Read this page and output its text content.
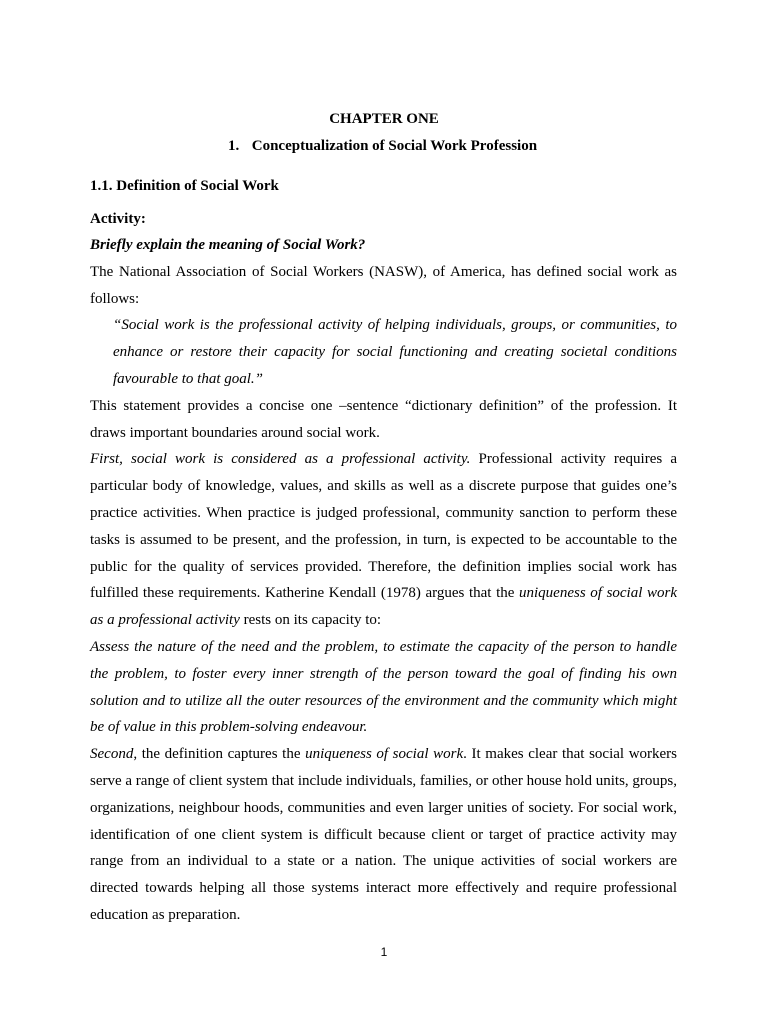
CHAPTER ONE
1. Conceptualization of Social Work Profession
1.1. Definition of Social Work
Activity:

Briefly explain the meaning of Social Work?

The National Association of Social Workers (NASW), of America, has defined social work as follows:

“Social work is the professional activity of helping individuals, groups, or communities, to enhance or restore their capacity for social functioning and creating societal conditions favourable to that goal.”

This statement provides a concise one –sentence “dictionary definition” of the profession. It draws important boundaries around social work.

First, social work is considered as a professional activity. Professional activity requires a particular body of knowledge, values, and skills as well as a discrete purpose that guides one’s practice activities. When practice is judged professional, community sanction to perform these tasks is assumed to be present, and the profession, in turn, is expected to be accountable to the public for the quality of services provided. Therefore, the definition implies social work has fulfilled these requirements. Katherine Kendall (1978) argues that the uniqueness of social work as a professional activity rests on its capacity to:

Assess the nature of the need and the problem, to estimate the capacity of the person to handle the problem, to foster every inner strength of the person toward the goal of finding his own solution and to utilize all the outer resources of the environment and the community which might be of value in this problem-solving endeavour.

Second, the definition captures the uniqueness of social work. It makes clear that social workers serve a range of client system that include individuals, families, or other house hold units, groups, organizations, neighbour hoods, communities and even larger unities of society. For social work, identification of one client system is difficult because client or target of practice activity may range from an individual to a state or a nation. The unique activities of social workers are directed towards helping all those systems interact more effectively and require professional education as preparation.

1
